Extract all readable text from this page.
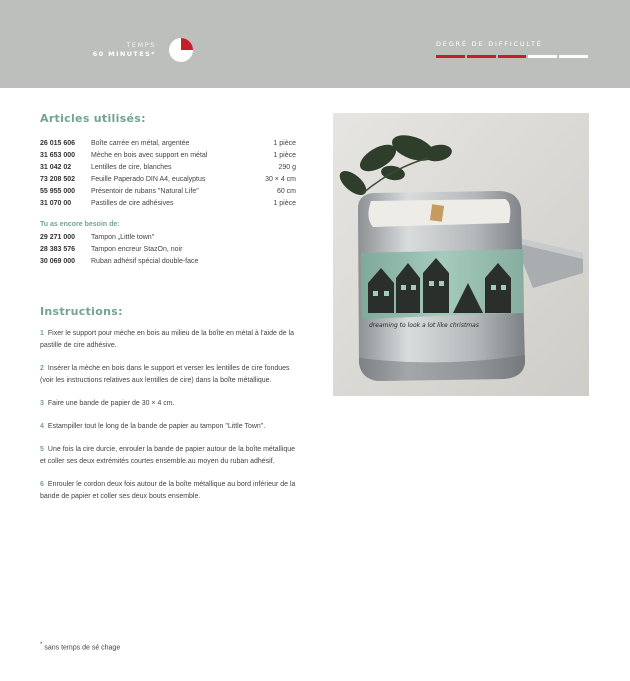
TEMPS
60 MINUTES*
DEGRÉ DE DIFFICULTÉ
Articles utilisés:
26 015 606	Boîte carrée en métal, argentée	1 pièce
31 653 000	Mèche en bois avec support en métal	1 pièce
31 042 02	Lentilles de cire, blanches	290 g
73 208 502	Feuille Paperado DIN A4, eucalyptus	30 × 4 cm
55 955 000	Présentoir de rubans "Natural Life"	60 cm
31 070 00	Pastilles de cire adhésives	1 pièce
Tu as encore besoin de:
29 271 000	Tampon „Little town"
28 383 576	Tampon encreur StazOn, noir
30 069 000	Ruban adhésif spécial double-face
Instructions:

1 Fixer le support pour mèche en bois au milieu de la boîte en métal à l'aide de la pastille de cire adhésive.

2 Insérer la mèche en bois dans le support et verser les lentilles de cire fondues (voir les instructions relatives aux lentilles de cire) dans la boîte métallique.

3 Faire une bande de papier de 30 × 4 cm.

4 Estampiller tout le long de la bande de papier au tampon "Little Town".

5 Une fois la cire durcie, enrouler la bande de papier autour de la boîte métallique et coller ses deux extrémités courtes ensemble.au moyen du ruban adhésif.

6 Enrouler le cordon deux fois autour de la boîte métallique au bord inférieur de la bande de papier et coller ses deux bouts ensemble.

* sans temps de sé chage
dreaming to look a lot like christmas
